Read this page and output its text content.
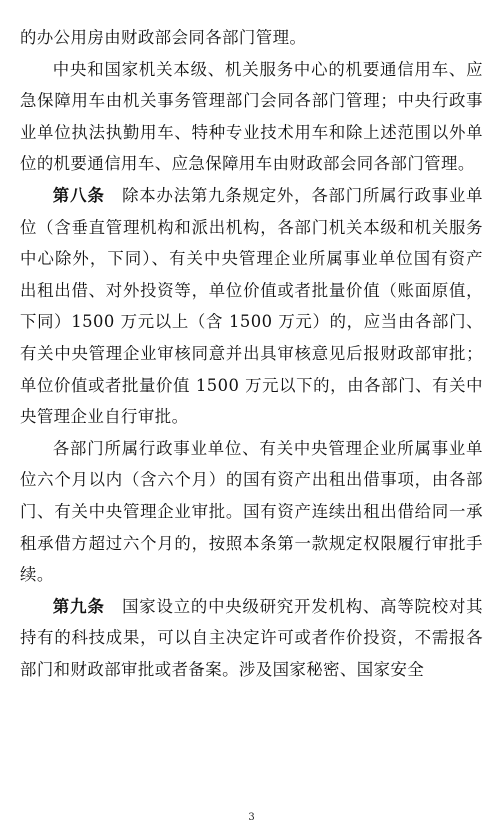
的办公用房由财政部会同各部门管理。

中央和国家机关本级、机关服务中心的机要通信用车、应急保障用车由机关事务管理部门会同各部门管理；中央行政事业单位执法执勤用车、特种专业技术用车和除上述范围以外单位的机要通信用车、应急保障用车由财政部会同各部门管理。

第八条　 除本办法第九条规定外，各部门所属行政事业单位（含垂直管理机构和派出机构，各部门机关本级和机关服务中心除外，下同）、有关中央管理企业所属事业单位国有资产出租出借、对外投资等，单位价值或者批量价值（账面原值，下同）1500 万元以上（含 1500 万元）的，应当由各部门、有关中央管理企业审核同意并出具审核意见后报财政部审批；单位价值或者批量价值 1500 万元以下的，由各部门、有关中央管理企业自行审批。

各部门所属行政事业单位、有关中央管理企业所属事业单位六个月以内（含六个月）的国有资产出租出借事项，由各部门、有关中央管理企业审批。国有资产连续出租出借给同一承租承借方超过六个月的，按照本条第一款规定权限履行审批手续。

第九条　 国家设立的中央级研究开发机构、高等院校对其持有的科技成果，可以自主决定许可或者作价投资，不需报各部门和财政部审批或者备案。涉及国家秘密、国家安全

3
